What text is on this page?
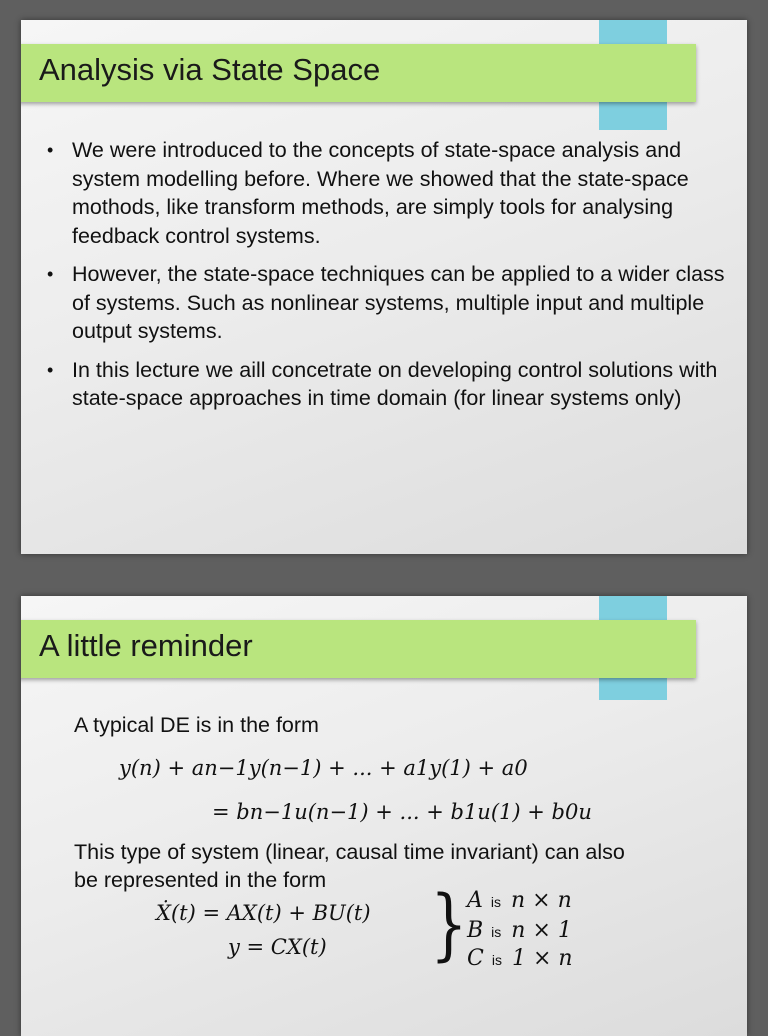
Analysis via State Space
• We were introduced to the concepts of state-space analysis and system modelling before. Where we showed that the state-space mothods, like transform methods, are simply tools for analysing feedback control systems.
• However, the state-space techniques can be applied to a wider class of systems. Such as nonlinear systems, multiple input and multiple output systems.
• In this lecture we aill concetrate on developing control solutions with state-space approaches in time domain (for linear systems only)
A little reminder
A typical DE is in the form
y(n) + an−1y(n−1) + ... + a1y(1) + a0
= bn−1u(n−1) + ... + b1u(1) + b0u
This type of system (linear, causal time invariant) can also
be represented in the form
Ẋ(t) = AX(t) + BU(t)
y = CX(t) } Ais n × n
Bis n × 1
Cis 1 × n
